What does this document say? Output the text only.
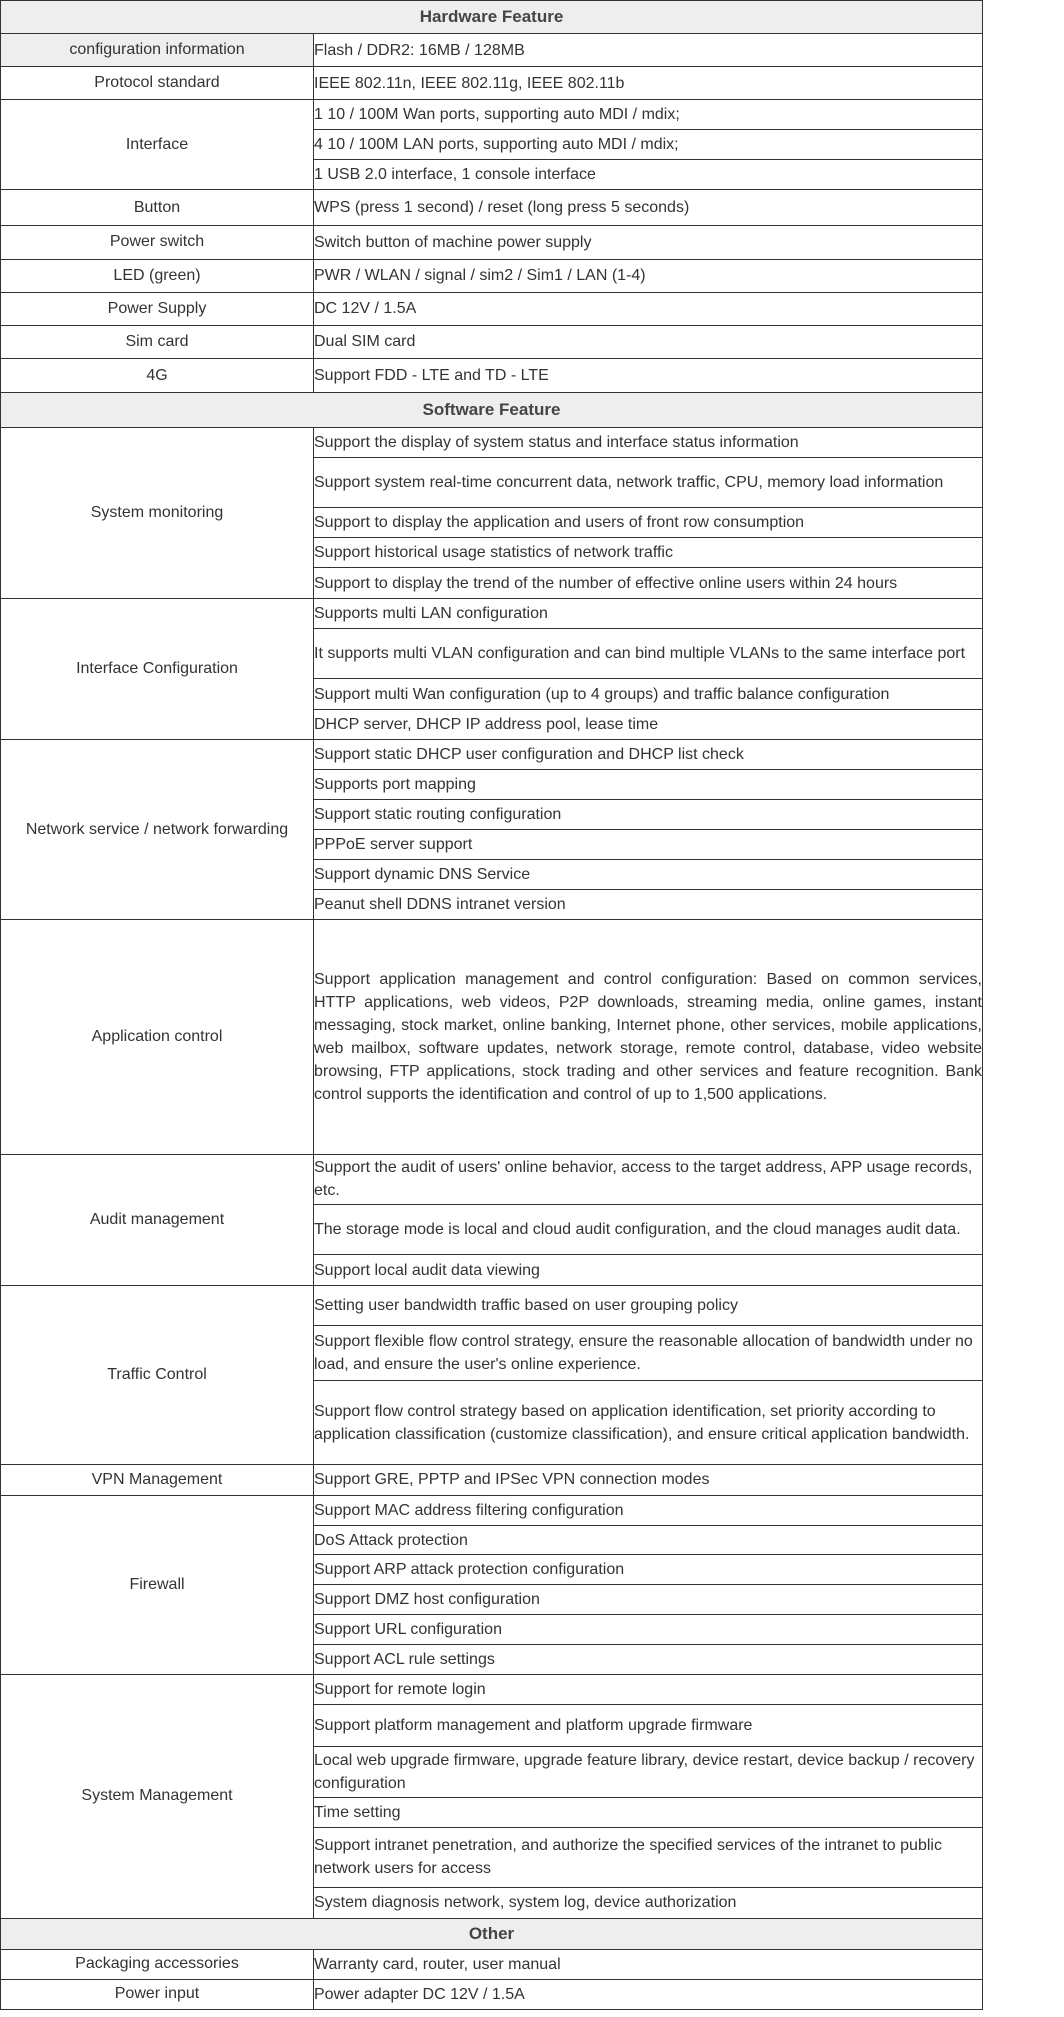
Hardware Feature	
configuration information	Flash / DDR2: 16MB / 128MB
Protocol standard	IEEE 802.11n, IEEE 802.11g, IEEE 802.11b
Interface	1 10 / 100M Wan ports, supporting auto MDI / mdix;
	4 10 / 100M LAN ports, supporting auto MDI / mdix;
	1 USB 2.0 interface, 1 console interface
Button	WPS (press 1 second) / reset (long press 5 seconds)
Power switch	Switch button of machine power supply
LED (green)	PWR / WLAN / signal / sim2 / Sim1 / LAN (1-4)
Power Supply	DC 12V / 1.5A
Sim card	Dual SIM card
4G	Support FDD - LTE and TD - LTE
Software Feature	
System monitoring	Support the display of system status and interface status information
	Support system real-time concurrent data, network traffic, CPU, memory load information
	Support to display the application and users of front row consumption
	Support historical usage statistics of network traffic
	Support to display the trend of the number of effective online users within 24 hours
Interface Configuration	Supports multi LAN configuration
	It supports multi VLAN configuration and can bind multiple VLANs to the same interface port
	Support multi Wan configuration (up to 4 groups) and traffic balance configuration
	DHCP server, DHCP IP address pool, lease time
Network service / network forwarding	Support static DHCP user configuration and DHCP list check
	Supports port mapping
	Support static routing configuration
	PPPoE server support
	Support dynamic DNS Service
	Peanut shell DDNS intranet version
Application control	Support application management and control configuration: Based on common services, HTTP applications, web videos, P2P downloads, streaming media, online games, instant messaging, stock market, online banking, Internet phone, other services, mobile applications, web mailbox, software updates, network storage, remote control, database, video website browsing, FTP applications, stock trading and other services and feature recognition. Bank control supports the identification and control of up to 1,500 applications.
Audit management	Support the audit of users' online behavior, access to the target address, APP usage records, etc.
	The storage mode is local and cloud audit configuration, and the cloud manages audit data.
	Support local audit data viewing
Traffic Control	Setting user bandwidth traffic based on user grouping policy
	Support flexible flow control strategy, ensure the reasonable allocation of bandwidth under no load, and ensure the user's online experience.
	Support flow control strategy based on application identification, set priority according to application classification (customize classification), and ensure critical application bandwidth.
VPN Management	Support GRE, PPTP and IPSec VPN connection modes
Firewall	Support MAC address filtering configuration
	DoS Attack protection
	Support ARP attack protection configuration
	Support DMZ host configuration
	Support URL configuration
	Support ACL rule settings
System Management	Support for remote login
	Support platform management and platform upgrade firmware
	Local web upgrade firmware, upgrade feature library, device restart, device backup / recovery configuration
	Time setting
	Support intranet penetration, and authorize the specified services of the intranet to public network users for access
	System diagnosis network, system log, device authorization
Other	
Packaging accessories	Warranty card, router, user manual
Power input	Power adapter DC 12V / 1.5A
